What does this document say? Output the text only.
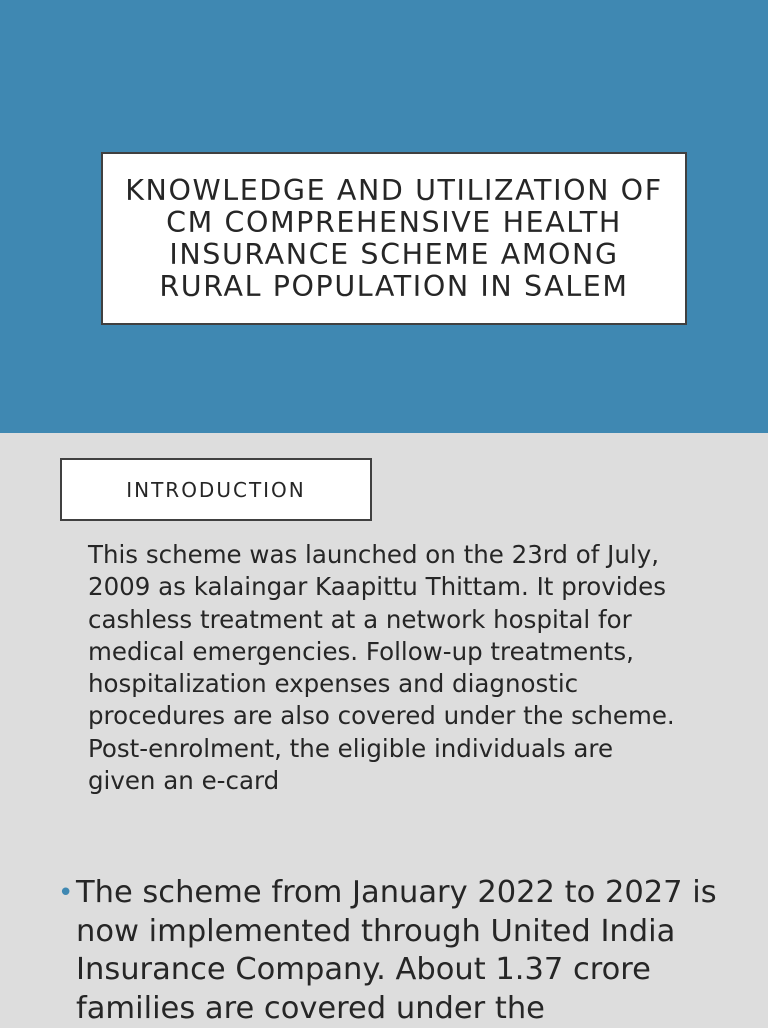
KNOWLEDGE AND UTILIZATION OF CM COMPREHENSIVE HEALTH INSURANCE SCHEME AMONG RURAL POPULATION IN SALEM

INTRODUCTION

This scheme was launched on the 23rd of July, 2009 as kalaingar Kaapittu Thittam. It provides cashless treatment at a network hospital for medical emergencies. Follow-up treatments, hospitalization expenses and diagnostic procedures are also covered under the scheme. Post-enrolment, the eligible individuals are given an e-card

• The scheme from January 2022 to 2027 is now implemented through United India Insurance Company. About 1.37 crore families are covered under the
